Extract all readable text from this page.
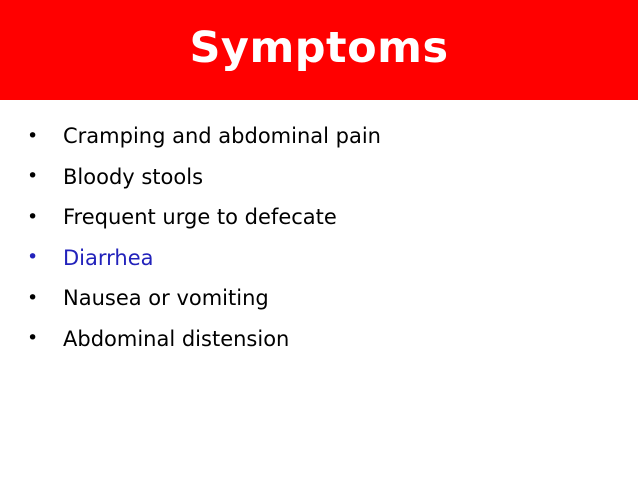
Symptoms
•	Cramping and abdominal pain
•	Bloody stools
•	Frequent urge to defecate
•	Diarrhea
•	Nausea or vomiting
•	Abdominal distension
